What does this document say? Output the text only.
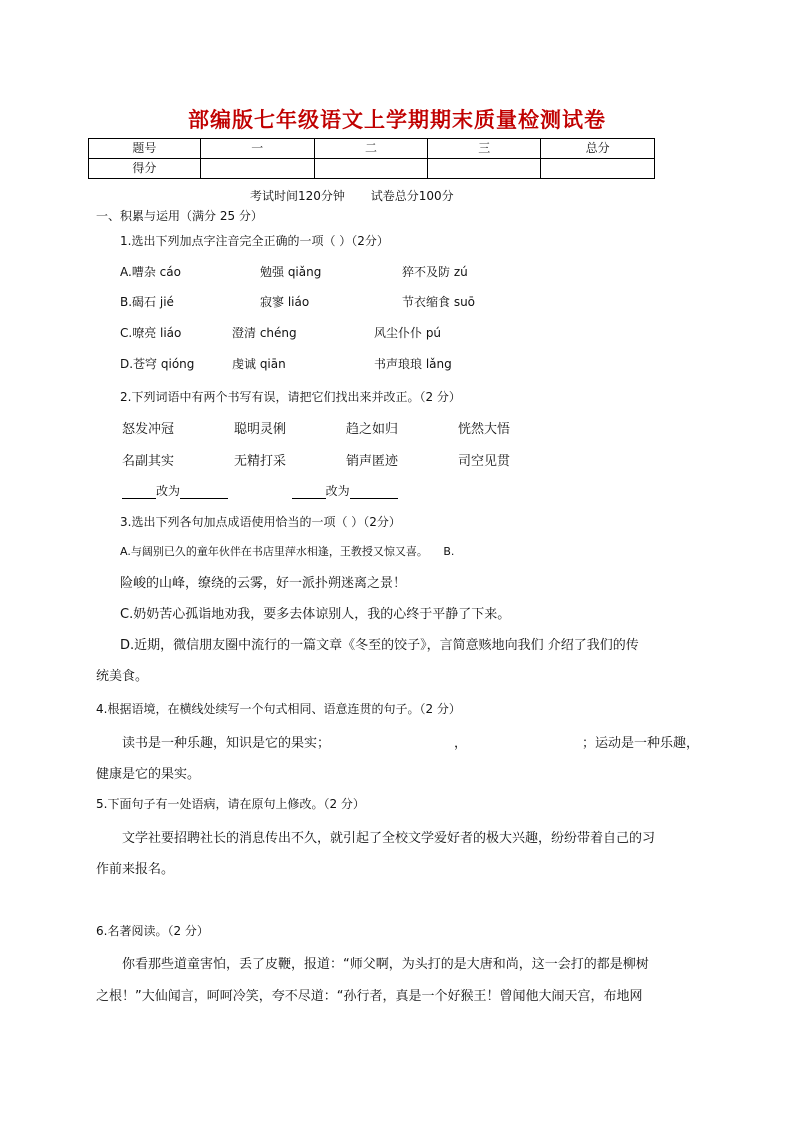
部编版七年级语文上学期期末质量检测试卷
题号	一	二	三	总分
得分				
考试时间120分钟 试卷总分100分
一、积累与运用（满分 25 分）
1.选出下列加点字注音完全正确的一项（ ）（2分）
A.嘈杂 cáo	勉强 qiǎng	猝不及防 zú
B.碣石 jié	寂寥 liáo	节衣缩食 suō
C.嘹亮 liáo	澄清 chéng	风尘仆仆 pú
D.苍穹 qióng	虔诚 qiān	书声琅琅 lǎng
2.下列词语中有两个书写有误，请把它们找出来并改正。（2 分）
怒发冲冠	聪明灵俐	趋之如归	恍然大悟
名副其实	无精打采	销声匿迹	司空见贯
改为	改为
3.选出下列各句加点成语使用恰当的一项（ ）（2分）
A.与阔别已久的童年伙伴在书店里萍水相逢，王教授又惊又喜。 B.
险峻的山峰，缭绕的云雾，好一派扑朔迷离之景！
C.奶奶苦心孤诣地劝我，要多去体谅别人，我的心终于平静了下来。
D.近期，微信朋友圈中流行的一篇文章《冬至的饺子》，言简意赅地向我们 介绍了我们的传
统美食。
4.根据语境，在横线处续写一个句式相同、语意连贯的句子。（2 分）
读书是一种乐趣，知识是它的果实；	，	；运动是一种乐趣，
健康是它的果实。
5.下面句子有一处语病，请在原句上修改。（2 分）
文学社要招聘社长的消息传出不久，就引起了全校文学爱好者的极大兴趣，纷纷带着自己的习
作前来报名。
6.名著阅读。（2 分）
你看那些道童害怕，丢了皮鞭，报道：“师父啊，为头打的是大唐和尚，这一会打的都是柳树
之根！”大仙闻言，呵呵冷笑，夸不尽道：“孙行者，真是一个好猴王！曾闻他大闹天宫，布地网
